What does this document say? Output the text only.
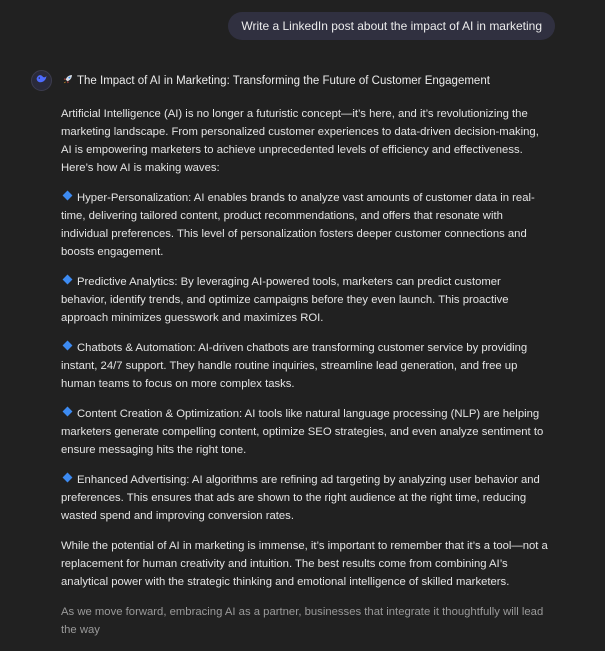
Write a LinkedIn post about the impact of AI in marketing

The Impact of AI in Marketing: Transforming the Future of Customer Engagement

Artificial Intelligence (AI) is no longer a futuristic concept—it’s here, and it’s revolutionizing the marketing landscape. From personalized customer experiences to data-driven decision-making, AI is empowering marketers to achieve unprecedented levels of efficiency and effectiveness. Here’s how AI is making waves:

Hyper-Personalization: AI enables brands to analyze vast amounts of customer data in real-time, delivering tailored content, product recommendations, and offers that resonate with individual preferences. This level of personalization fosters deeper customer connections and boosts engagement.

Predictive Analytics: By leveraging AI-powered tools, marketers can predict customer behavior, identify trends, and optimize campaigns before they even launch. This proactive approach minimizes guesswork and maximizes ROI.

Chatbots & Automation: AI-driven chatbots are transforming customer service by providing instant, 24/7 support. They handle routine inquiries, streamline lead generation, and free up human teams to focus on more complex tasks.

Content Creation & Optimization: AI tools like natural language processing (NLP) are helping marketers generate compelling content, optimize SEO strategies, and even analyze sentiment to ensure messaging hits the right tone.

Enhanced Advertising: AI algorithms are refining ad targeting by analyzing user behavior and preferences. This ensures that ads are shown to the right audience at the right time, reducing wasted spend and improving conversion rates.

While the potential of AI in marketing is immense, it’s important to remember that it’s a tool—not a replacement for human creativity and intuition. The best results come from combining AI’s analytical power with the strategic thinking and emotional intelligence of skilled marketers.

As we move forward, embracing AI as a partner, businesses that integrate it thoughtfully will lead the way
